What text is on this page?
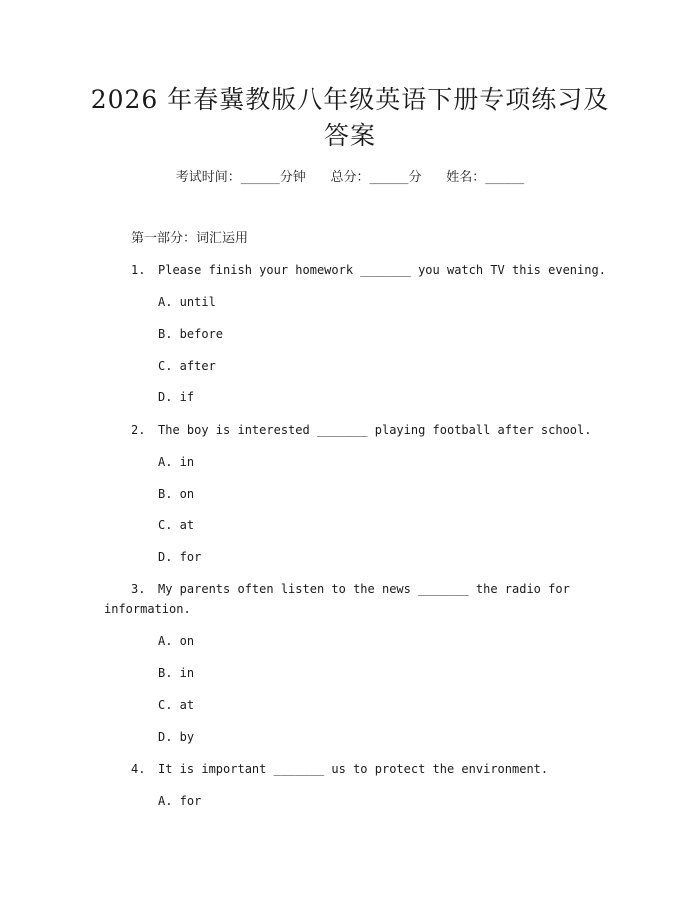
2026 年春冀教版八年级英语下册专项练习及
答案
考试时间：______分钟      总分：______分      姓名：______
第一部分：词汇运用
1. Please finish your homework _______ you watch TV this evening.
A. until
B. before
C. after
D. if
2. The boy is interested _______ playing football after school.
A. in
B. on
C. at
D. for
3. My parents often listen to the news _______ the radio for
information.
A. on
B. in
C. at
D. by
4. It is important _______ us to protect the environment.
A. for
